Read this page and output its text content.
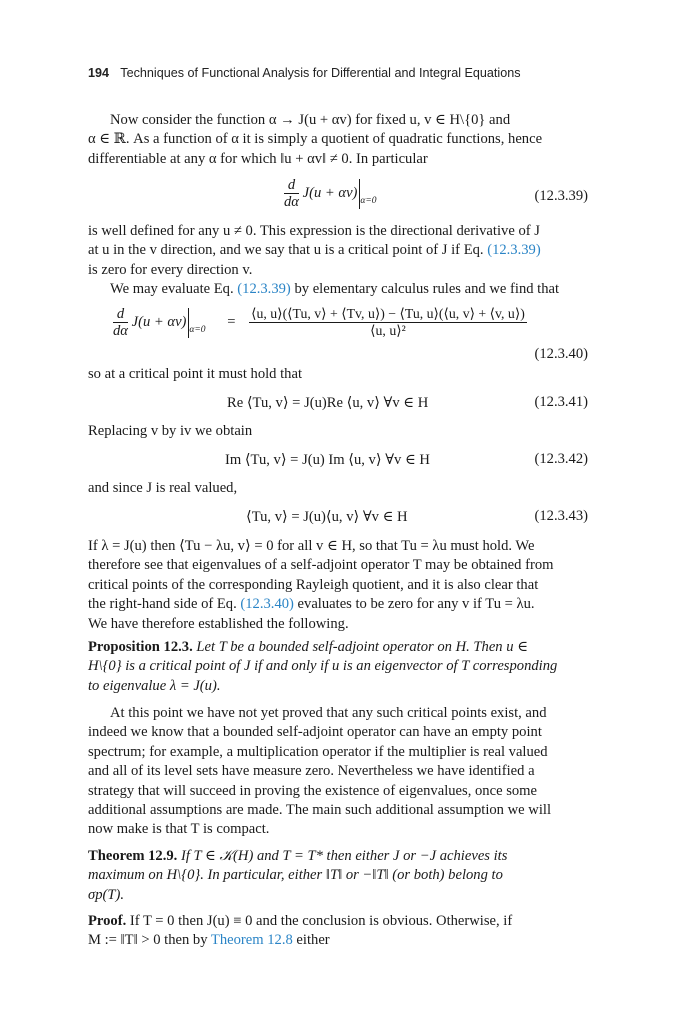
194 Techniques of Functional Analysis for Differential and Integral Equations
Now consider the function α → J(u + αv) for fixed u, v ∈ H\{0} and
α ∈ ℝ. As a function of α it is simply a quotient of quadratic functions, hence
differentiable at any α for which ‖u + αv‖ ≠ 0. In particular
$\frac{d}{d\alpha} J(u + \alpha v)$ $_{\alpha=0}$	(12.3.39)
is well defined for any u ≠ 0. This expression is the directional derivative of J
at u in the v direction, and we say that u is a critical point of J if Eq. (12.3.39)
is zero for every direction v.
We may evaluate Eq. (12.3.39) by elementary calculus rules and we find that
$\frac{d}{d\alpha} J(u + \alpha v) _{\alpha=0} = \frac{⟨u, u⟩(⟨Tu, v⟩ + ⟨Tv, u⟩) - ⟨Tu, u⟩(⟨u, v⟩ + ⟨v, u⟩)}{\text{⟨u, u⟩²}}$
(12.3.40)
so at a critical point it must hold that
Re ⟨Tu, v⟩ = J(u)Re ⟨u, v⟩ ∀v ∈ H	(12.3.41)
Replacing v by iv we obtain
Im ⟨Tu, v⟩ = J(u) Im ⟨u, v⟩ ∀v ∈ H	(12.3.42)
and since J is real valued,
⟨Tu, v⟩ = J(u)⟨u, v⟩ ∀v ∈ H	(12.3.43)
If λ = J(u) then ⟨Tu − λu, v⟩ = 0 for all v ∈ H, so that Tu = λu must hold. We
therefore see that eigenvalues of a self-adjoint operator T may be obtained from
critical points of the corresponding Rayleigh quotient, and it is also clear that
the right-hand side of Eq. (12.3.40) evaluates to be zero for any v if Tu = λu.
We have therefore established the following.
Proposition 12.3. Let T be a bounded self-adjoint operator on H. Then u ∈
H\{0} is a critical point of J if and only if u is an eigenvector of T corresponding
to eigenvalue λ = J(u).
At this point we have not yet proved that any such critical points exist, and
indeed we know that a bounded self-adjoint operator can have an empty point
spectrum; for example, a multiplication operator if the multiplier is real valued
and all of its level sets have measure zero. Nevertheless we have identified a
strategy that will succeed in proving the existence of eigenvalues, once some
additional assumptions are made. The main such additional assumption we will
now make is that T is compact.
Theorem 12.9. If T ∈ 𝒦(H) and T = T* then either J or −J achieves its
maximum on H\{0}. In particular, either ‖T‖ or −‖T‖ (or both) belong to
σp(T).
Proof. If T = 0 then J(u) ≡ 0 and the conclusion is obvious. Otherwise, if
M := ‖T‖ > 0 then by Theorem 12.8 either
